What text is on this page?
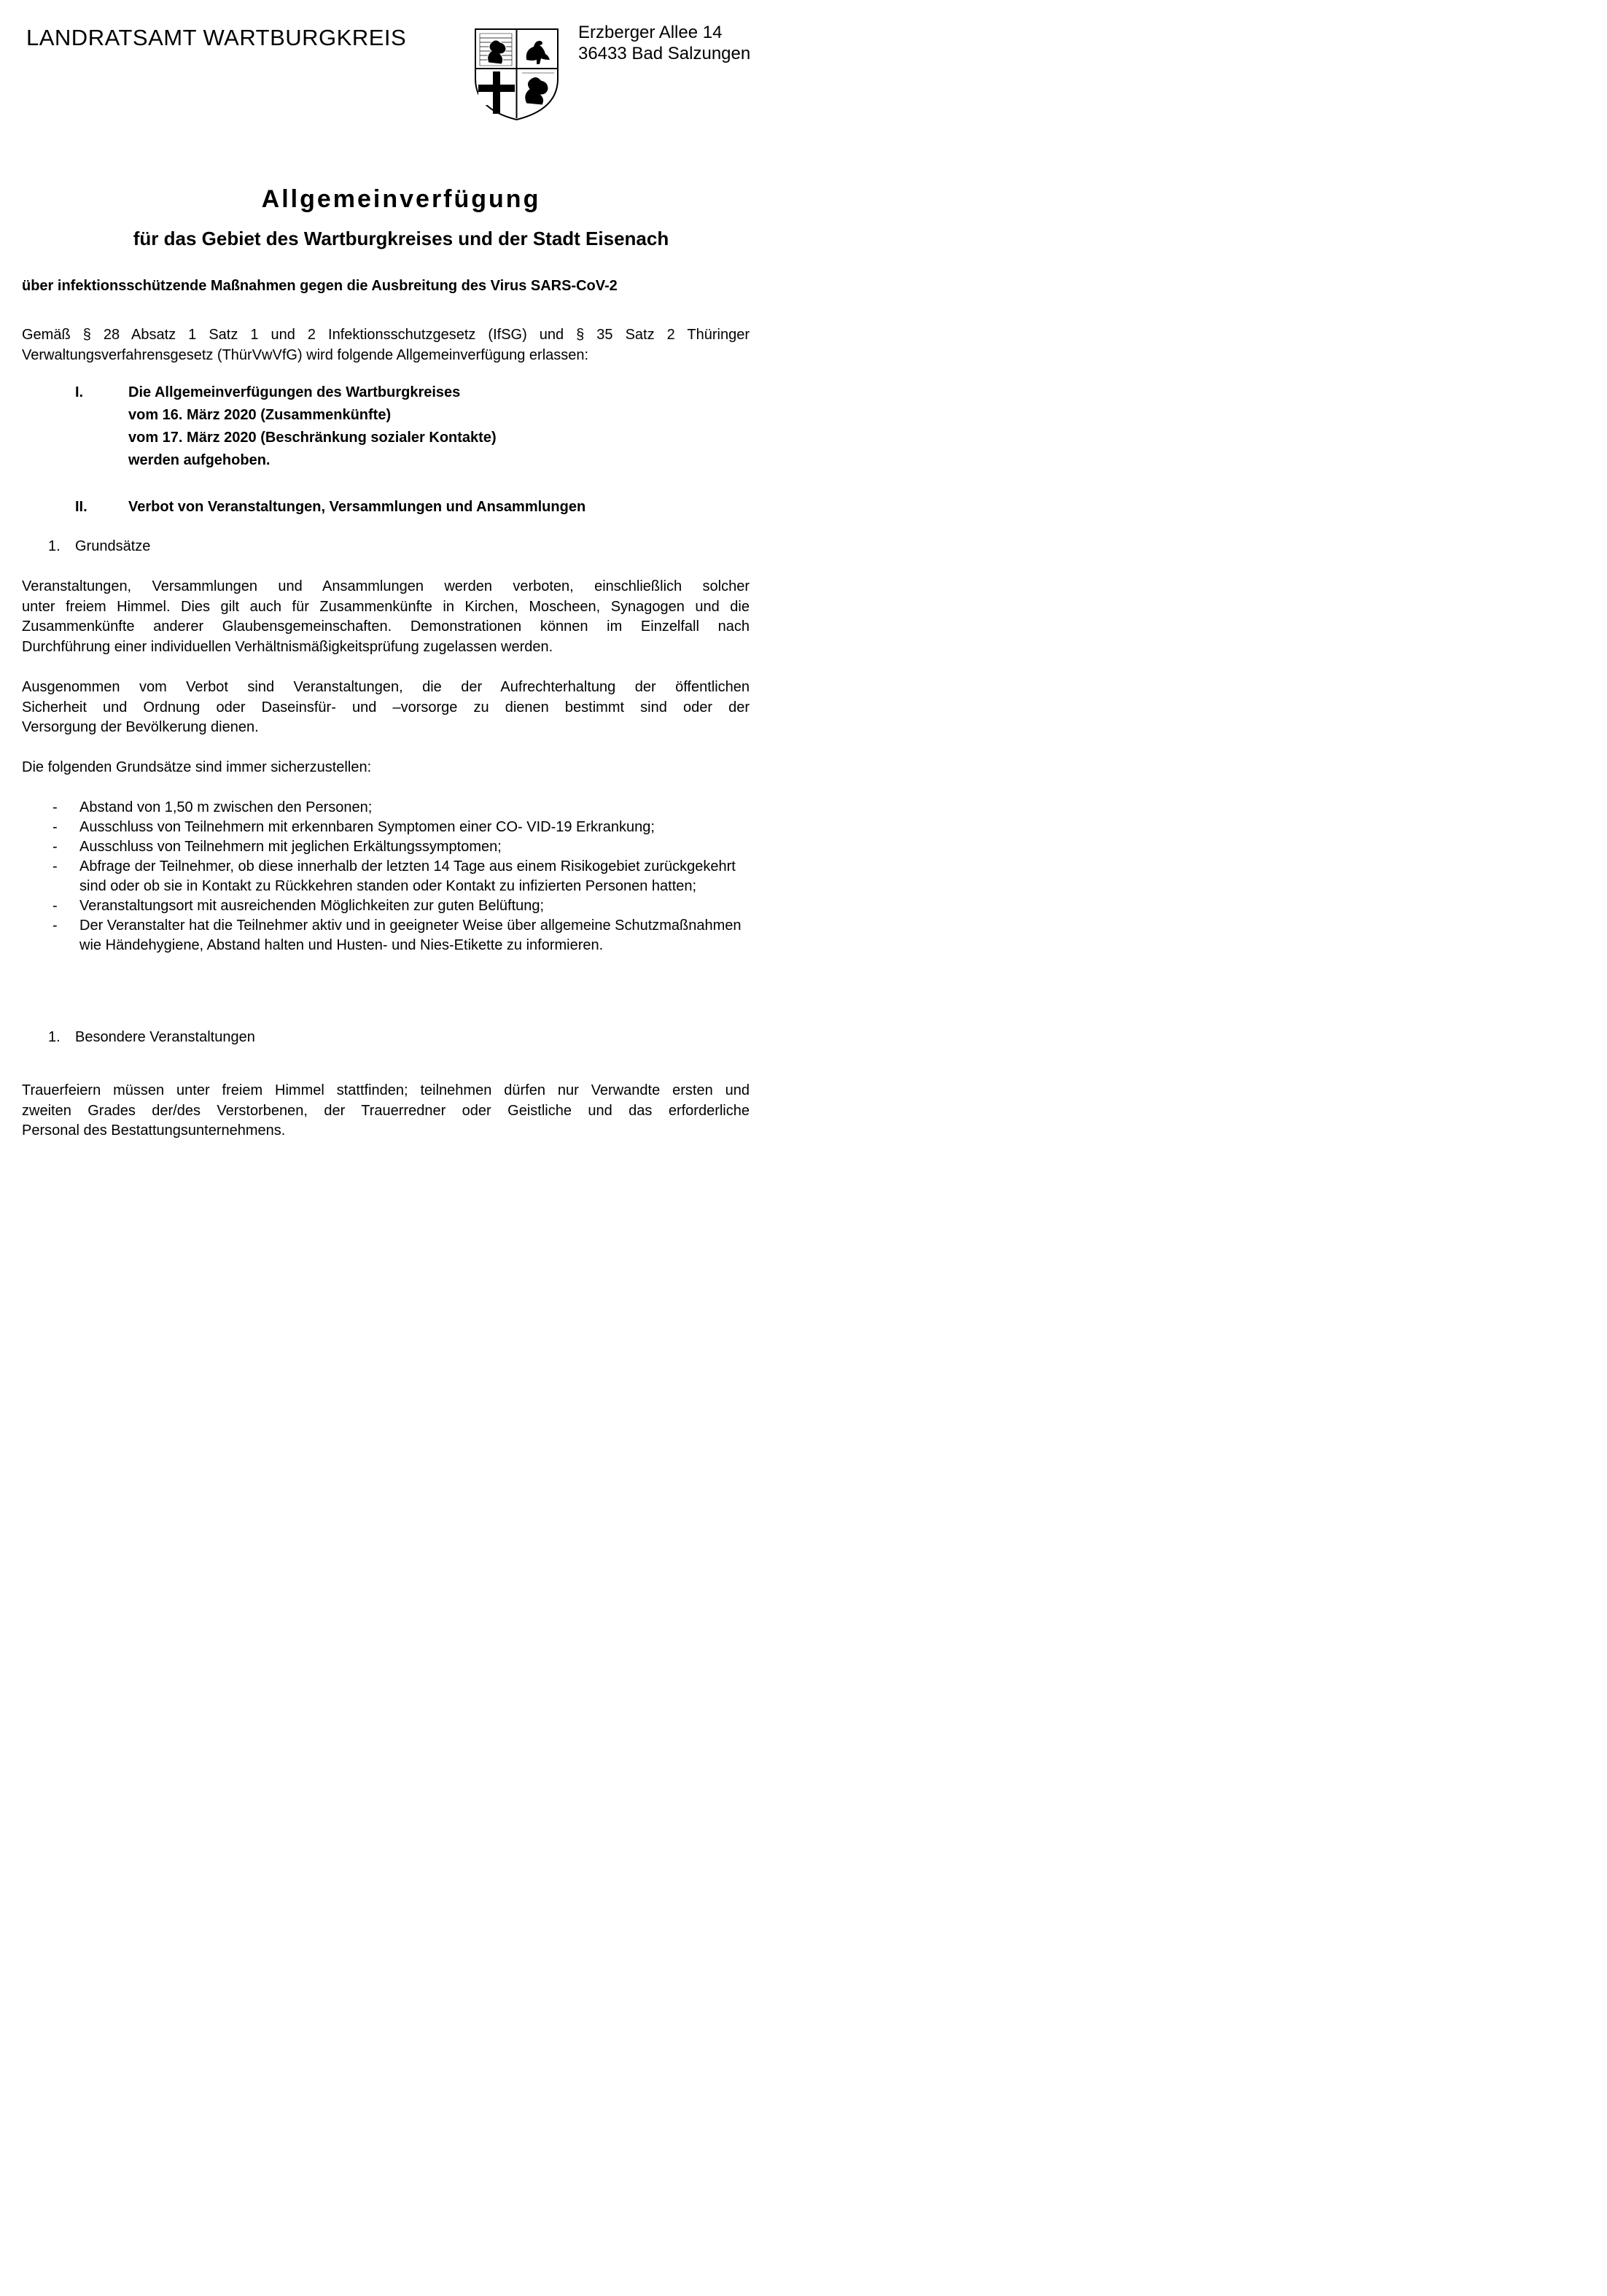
LANDRATSAMT WARTBURGKREIS	Erzberger Allee 14
36433 Bad Salzungen
Allgemeinverfügung
für das Gebiet des Wartburgkreises und der Stadt Eisenach
über infektionsschützende Maßnahmen gegen die Ausbreitung des Virus SARS-CoV-2
Gemäß § 28 Absatz 1 Satz 1 und 2 Infektionsschutzgesetz (IfSG) und § 35 Satz 2 Thüringer
Verwaltungsverfahrensgesetz (ThürVwVfG) wird folgende Allgemeinverfügung erlassen:
I.	Die Allgemeinverfügungen des Wartburgkreises
vom 16. März 2020 (Zusammenkünfte)
vom 17. März 2020 (Beschränkung sozialer Kontakte)
werden aufgehoben.
II.	Verbot von Veranstaltungen, Versammlungen und Ansammlungen
1. Grundsätze
Veranstaltungen, Versammlungen und Ansammlungen werden verboten, einschließlich solcher
unter freiem Himmel. Dies gilt auch für Zusammenkünfte in Kirchen, Moscheen, Synagogen und die
Zusammenkünfte anderer Glaubensgemeinschaften. Demonstrationen können im Einzelfall nach
Durchführung einer individuellen Verhältnismäßigkeitsprüfung zugelassen werden.
Ausgenommen vom Verbot sind Veranstaltungen, die der Aufrechterhaltung der öffentlichen
Sicherheit und Ordnung oder Daseinsfür- und –vorsorge zu dienen bestimmt sind oder der
Versorgung der Bevölkerung dienen.
Die folgenden Grundsätze sind immer sicherzustellen:
- Abstand von 1,50 m zwischen den Personen;
- Ausschluss von Teilnehmern mit erkennbaren Symptomen einer CO- VID-19 Erkrankung;
- Ausschluss von Teilnehmern mit jeglichen Erkältungssymptomen;
- Abfrage der Teilnehmer, ob diese innerhalb der letzten 14 Tage aus einem Risikogebiet zurückgekehrt sind oder ob sie in Kontakt zu Rückkehren standen oder Kontakt zu infizierten Personen hatten;
- Veranstaltungsort mit ausreichenden Möglichkeiten zur guten Belüftung;
- Der Veranstalter hat die Teilnehmer aktiv und in geeigneter Weise über allgemeine Schutzmaßnahmen wie Händehygiene, Abstand halten und Husten- und Nies-Etikette zu informieren.
1. Besondere Veranstaltungen
Trauerfeiern müssen unter freiem Himmel stattfinden; teilnehmen dürfen nur Verwandte ersten und
zweiten Grades der/des Verstorbenen, der Trauerredner oder Geistliche und das erforderliche
Personal des Bestattungsunternehmens.
